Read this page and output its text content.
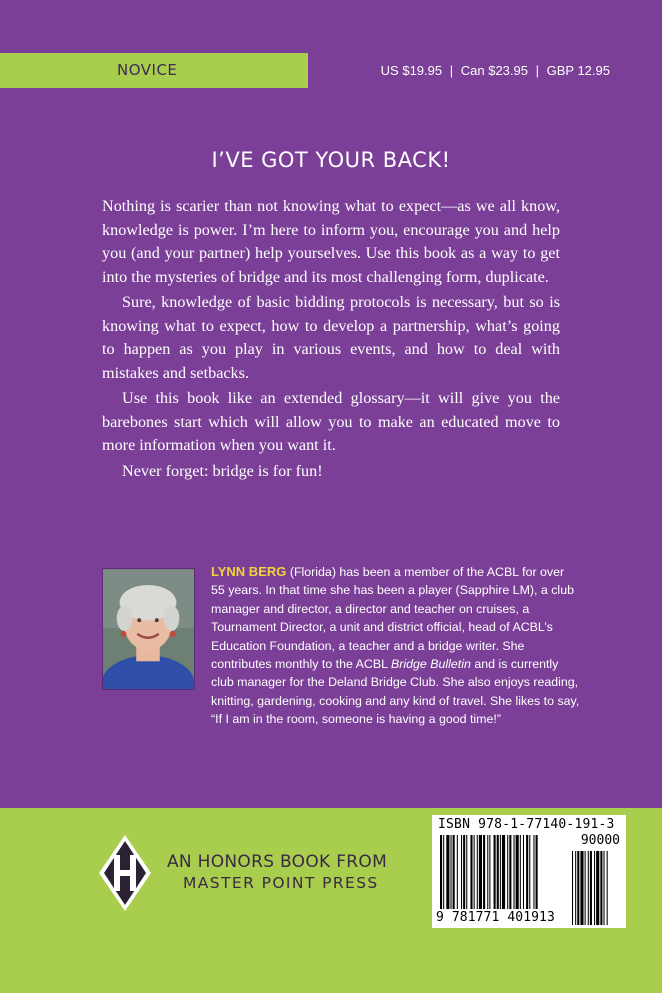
NOVICE	US $19.95 | Can $23.95 | GBP 12.95
I’VE GOT YOUR BACK!

Nothing is scarier than not knowing what to expect—as we all know, knowledge is power. I’m here to inform you, encourage you and help you (and your partner) help yourselves. Use this book as a way to get into the mysteries of bridge and its most challenging form, duplicate.

Sure, knowledge of basic bidding protocols is necessary, but so is knowing what to expect, how to develop a partnership, what’s going to happen as you play in various events, and how to deal with mistakes and setbacks.

Use this book like an extended glossary—it will give you the barebones start which will allow you to make an educated move to more information when you want it.

Never forget: bridge is for fun!

LYNN BERG (Florida) has been a member of the ACBL for over 55 years. In that time she has been a player (Sapphire LM), a club manager and director, a director and teacher on cruises, a Tournament Director, a unit and district official, head of ACBL’s Education Foundation, a teacher and a bridge writer. She contributes monthly to the ACBL Bridge Bulletin and is currently club manager for the Deland Bridge Club. She also enjoys reading, knitting, gardening, cooking and any kind of travel. She likes to say, “If I am in the room, someone is having a good time!”
AN HONORS BOOK FROM
MASTER POINT PRESS
ISBN 978-1-77140-191-3
90000
9 781771 401913
